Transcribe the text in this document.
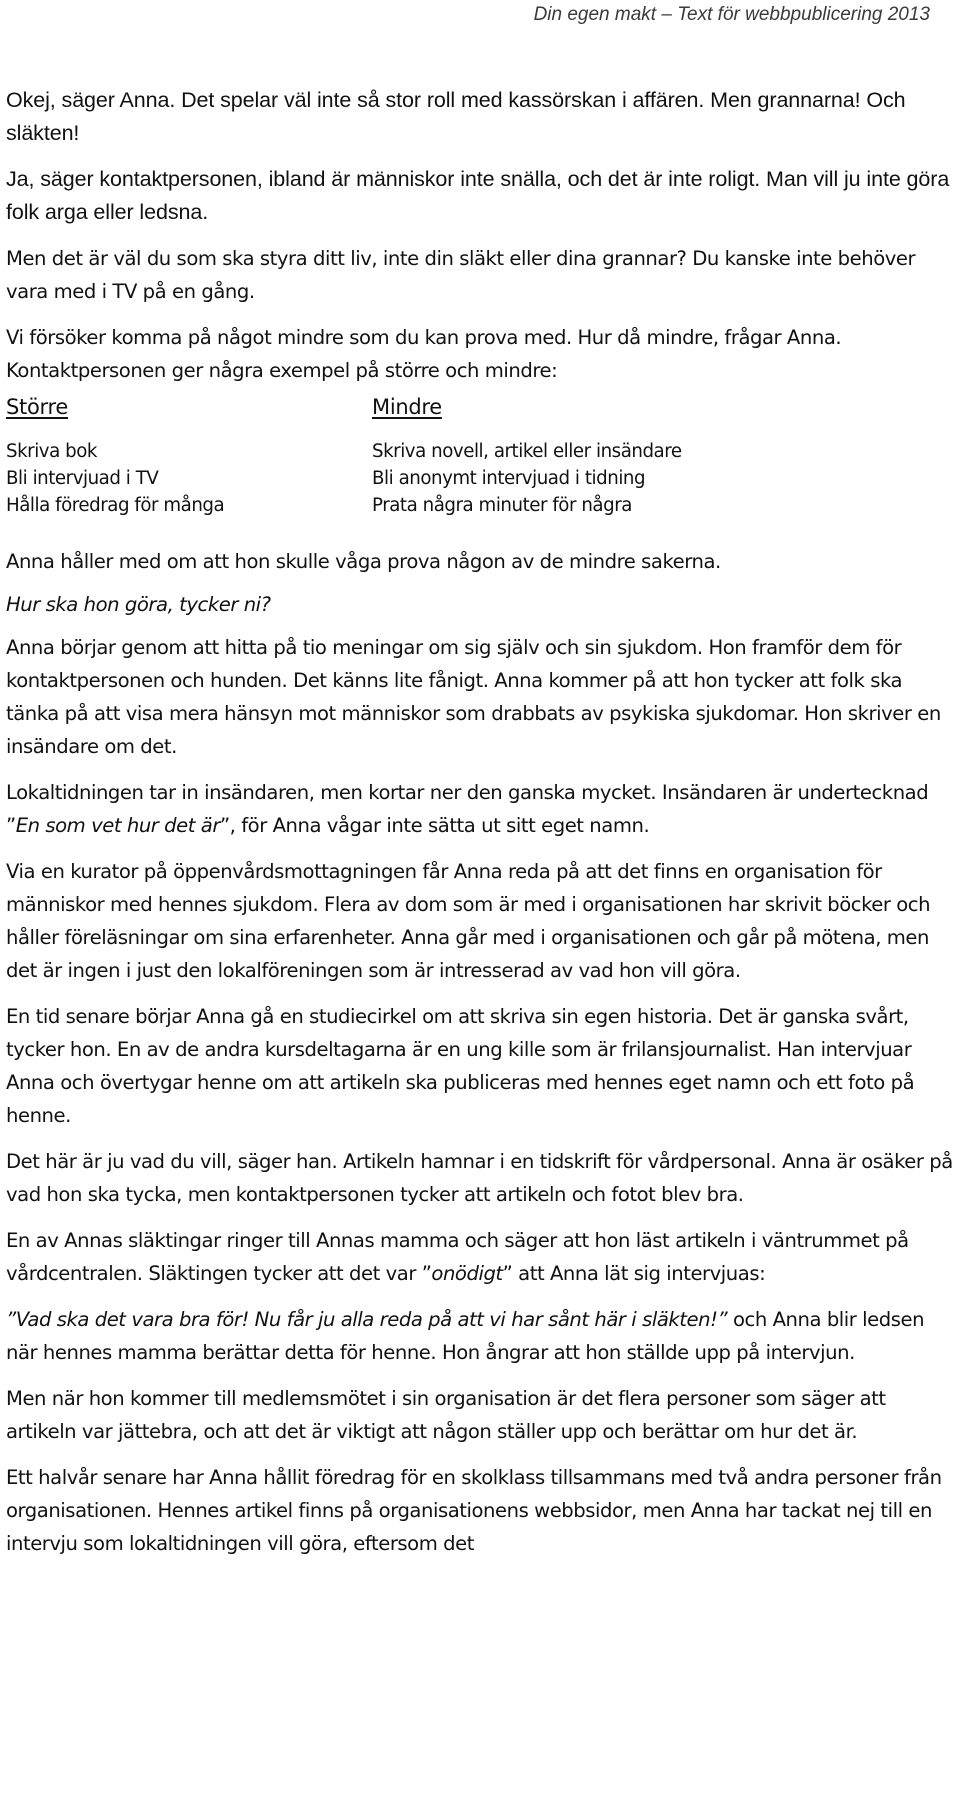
Din egen makt – Text för webbpublicering 2013

Okej, säger Anna. Det spelar väl inte så stor roll med kassörskan i affären. Men grannarna! Och släkten!

Ja, säger kontaktpersonen, ibland är människor inte snälla, och det är inte roligt. Man vill ju inte göra folk arga eller ledsna.

Men det är väl du som ska styra ditt liv, inte din släkt eller dina grannar? Du kanske inte behöver vara med i TV på en gång.

Vi försöker komma på något mindre som du kan prova med. Hur då mindre, frågar Anna. Kontaktpersonen ger några exempel på större och mindre:

Större
Skriva bok
Bli intervjuad i TV
Hålla föredrag för många
Mindre
Skriva novell, artikel eller insändare
Bli anonymt intervjuad i tidning
Prata några minuter för några

Anna håller med om att hon skulle våga prova någon av de mindre sakerna.

Hur ska hon göra, tycker ni?

Anna börjar genom att hitta på tio meningar om sig själv och sin sjukdom. Hon framför dem för kontaktpersonen och hunden. Det känns lite fånigt. Anna kommer på att hon tycker att folk ska tänka på att visa mera hänsyn mot människor som drabbats av psykiska sjukdomar. Hon skriver en insändare om det.

Lokaltidningen tar in insändaren, men kortar ner den ganska mycket. Insändaren är undertecknad ”En som vet hur det är”, för Anna vågar inte sätta ut sitt eget namn.

Via en kurator på öppenvårdsmottagningen får Anna reda på att det finns en organisation för människor med hennes sjukdom. Flera av dom som är med i organisationen har skrivit böcker och håller föreläsningar om sina erfarenheter. Anna går med i organisationen och går på mötena, men det är ingen i just den lokalföreningen som är intresserad av vad hon vill göra.

En tid senare börjar Anna gå en studiecirkel om att skriva sin egen historia. Det är ganska svårt, tycker hon. En av de andra kursdeltagarna är en ung kille som är frilansjournalist. Han intervjuar Anna och övertygar henne om att artikeln ska publiceras med hennes eget namn och ett foto på henne.

Det här är ju vad du vill, säger han. Artikeln hamnar i en tidskrift för vårdpersonal. Anna är osäker på vad hon ska tycka, men kontaktpersonen tycker att artikeln och fotot blev bra.

En av Annas släktingar ringer till Annas mamma och säger att hon läst artikeln i väntrummet på vårdcentralen. Släktingen tycker att det var ”onödigt” att Anna lät sig intervjuas:

”Vad ska det vara bra för! Nu får ju alla reda på att vi har sånt här i släkten!” och Anna blir ledsen när hennes mamma berättar detta för henne. Hon ångrar att hon ställde upp på intervjun.

Men när hon kommer till medlemsmötet i sin organisation är det flera personer som säger att artikeln var jättebra, och att det är viktigt att någon ställer upp och berättar om hur det är.

Ett halvår senare har Anna hållit föredrag för en skolklass tillsammans med två andra personer från organisationen. Hennes artikel finns på organisationens webbsidor, men Anna har tackat nej till en intervju som lokaltidningen vill göra, eftersom det
